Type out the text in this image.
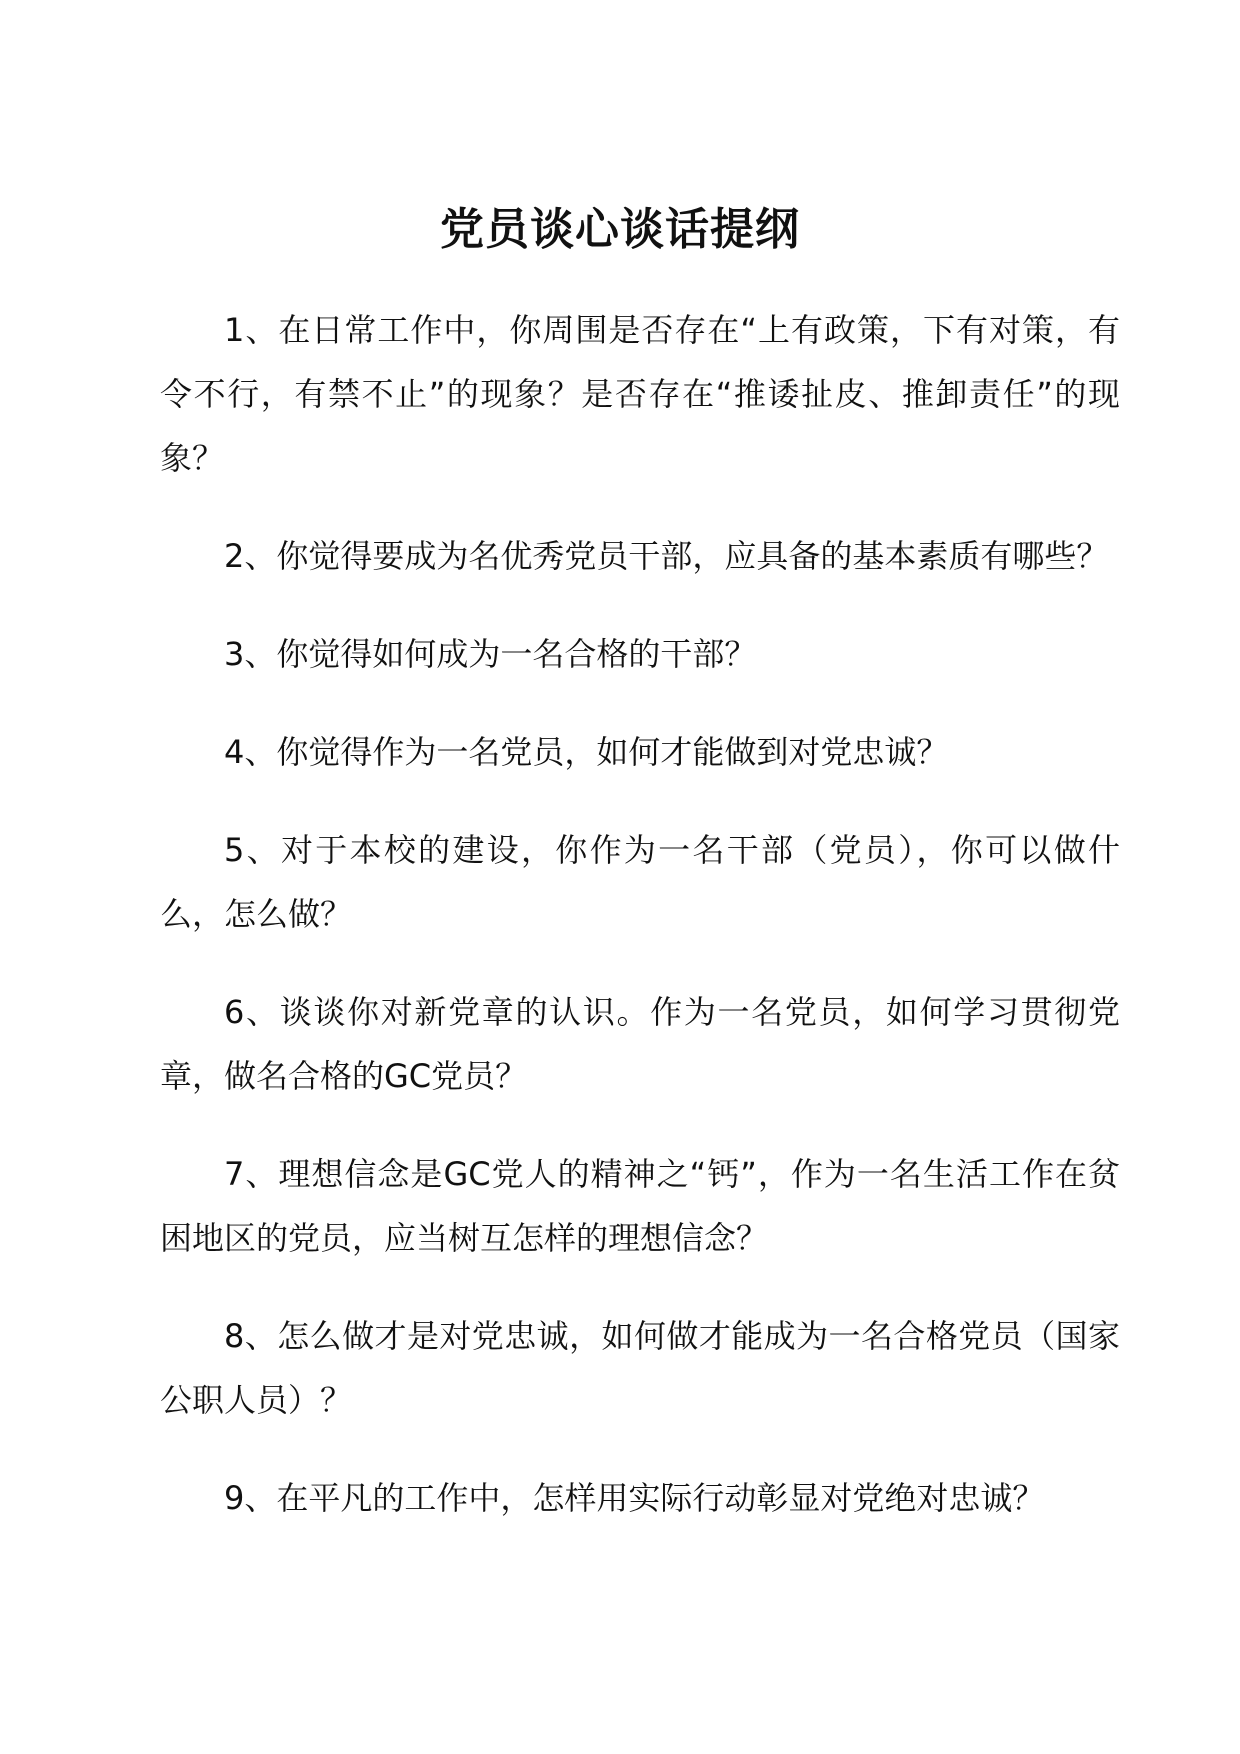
党员谈心谈话提纲

1、在日常工作中，你周围是否存在“上有政策，下有对策，有令不行，有禁不止”的现象？是否存在“推诿扯皮、推卸责任”的现象？

2、你觉得要成为名优秀党员干部，应具备的基本素质有哪些？

3、你觉得如何成为一名合格的干部？

4、你觉得作为一名党员，如何才能做到对党忠诚？

5、对于本校的建设，你作为一名干部（党员），你可以做什么，怎么做？

6、谈谈你对新党章的认识。作为一名党员，如何学习贯彻党章，做名合格的GC党员？

7、理想信念是GC党人的精神之“钙”，作为一名生活工作在贫困地区的党员，应当树互怎样的理想信念？

8、怎么做才是对党忠诚，如何做才能成为一名合格党员（国家公职人员）？

9、在平凡的工作中，怎样用实际行动彰显对党绝对忠诚？
